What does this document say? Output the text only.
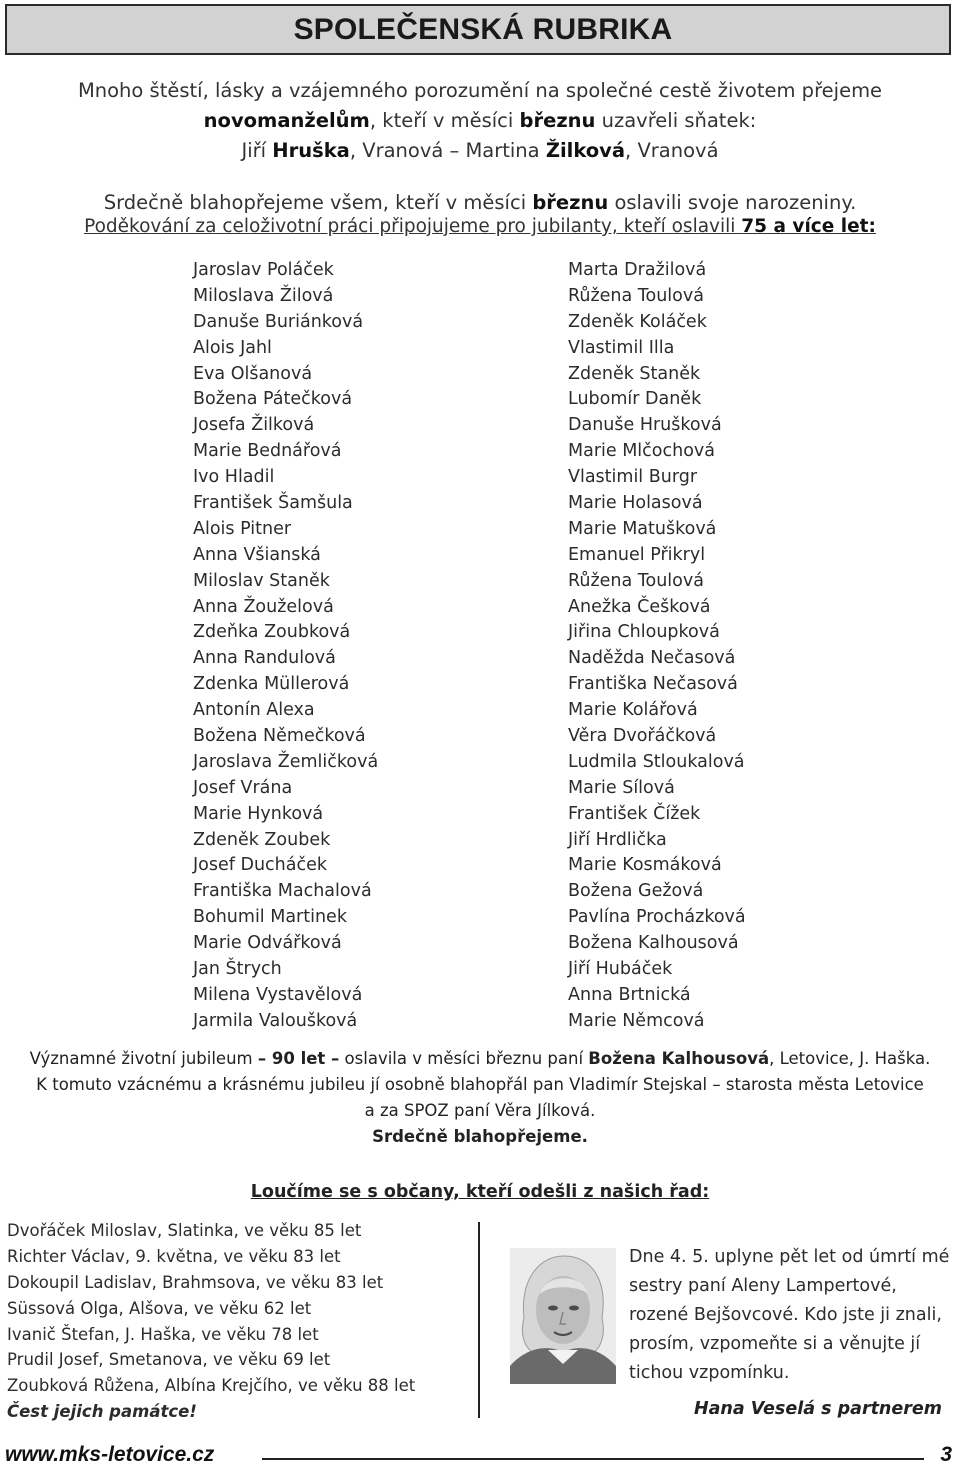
SPOLEČENSKÁ RUBRIKA
Mnoho štěstí, lásky a vzájemného porozumění na společné cestě životem přejeme
novomanželům, kteří v měsíci březnu uzavřeli sňatek:
Jiří Hruška, Vranová – Martina Žilková, Vranová
Srdečně blahopřejeme všem, kteří v měsíci březnu oslavili svoje narozeniny.
Poděkování za celoživotní práci připojujeme pro jubilanty, kteří oslavili 75 a více let:
Jaroslav Poláček
Miloslava Žilová
Danuše Buriánková
Alois Jahl
Eva Olšanová
Božena Pátečková
Josefa Žilková
Marie Bednářová
Ivo Hladil
František Šamšula
Alois Pitner
Anna Všianská
Miloslav Staněk
Anna Žouželová
Zdeňka Zoubková
Anna Randulová
Zdenka Müllerová
Antonín Alexa
Božena Němečková
Jaroslava Žemličková
Josef Vrána
Marie Hynková
Zdeněk Zoubek
Josef Ducháček
Františka Machalová
Bohumil Martinek
Marie Odvářková
Jan Štrych
Milena Vystavělová
Jarmila Valoušková
Marta Dražilová
Růžena Toulová
Zdeněk Koláček
Vlastimil Illa
Zdeněk Staněk
Lubomír Daněk
Danuše Hrušková
Marie Mlčochová
Vlastimil Burgr
Marie Holasová
Marie Matušková
Emanuel Přikryl
Růžena Toulová
Anežka Češková
Jiřina Chloupková
Naděžda Nečasová
Františka Nečasová
Marie Kolářová
Věra Dvořáčková
Ludmila Stloukalová
Marie Sílová
František Čížek
Jiří Hrdlička
Marie Kosmáková
Božena Gežová
Pavlína Procházková
Božena Kalhousová
Jiří Hubáček
Anna Brtnická
Marie Němcová

Významné životní jubileum – 90 let – oslavila v měsíci březnu paní Božena Kalhousová, Letovice, J. Haška.

K tomuto vzácnému a krásnému jubileu jí osobně blahopřál pan Vladimír Stejskal – starosta města Letovice

a za SPOZ paní Věra Jílková.

Srdečně blahopřejeme.

Loučíme se s občany, kteří odešli z našich řad:
Dvořáček Miloslav, Slatinka, ve věku 85 let
Richter Václav, 9. května, ve věku 83 let
Dokoupil Ladislav, Brahmsova, ve věku 83 let
Süssová Olga, Alšova, ve věku 62 let
Ivanič Štefan, J. Haška, ve věku 78 let
Prudil Josef, Smetanova, ve věku 69 let
Zoubková Růžena, Albína Krejčího, ve věku 88 let
Čest jejich památce!
Dne 4. 5. uplyne pět let od úmrtí mé sestry paní Aleny Lampertové, rozené Bejšovcové. Kdo jste ji znali, prosím, vzpomeňte si a věnujte jí tichou vzpomínku.
Hana Veselá s partnerem
www.mks-letovice.cz	3
